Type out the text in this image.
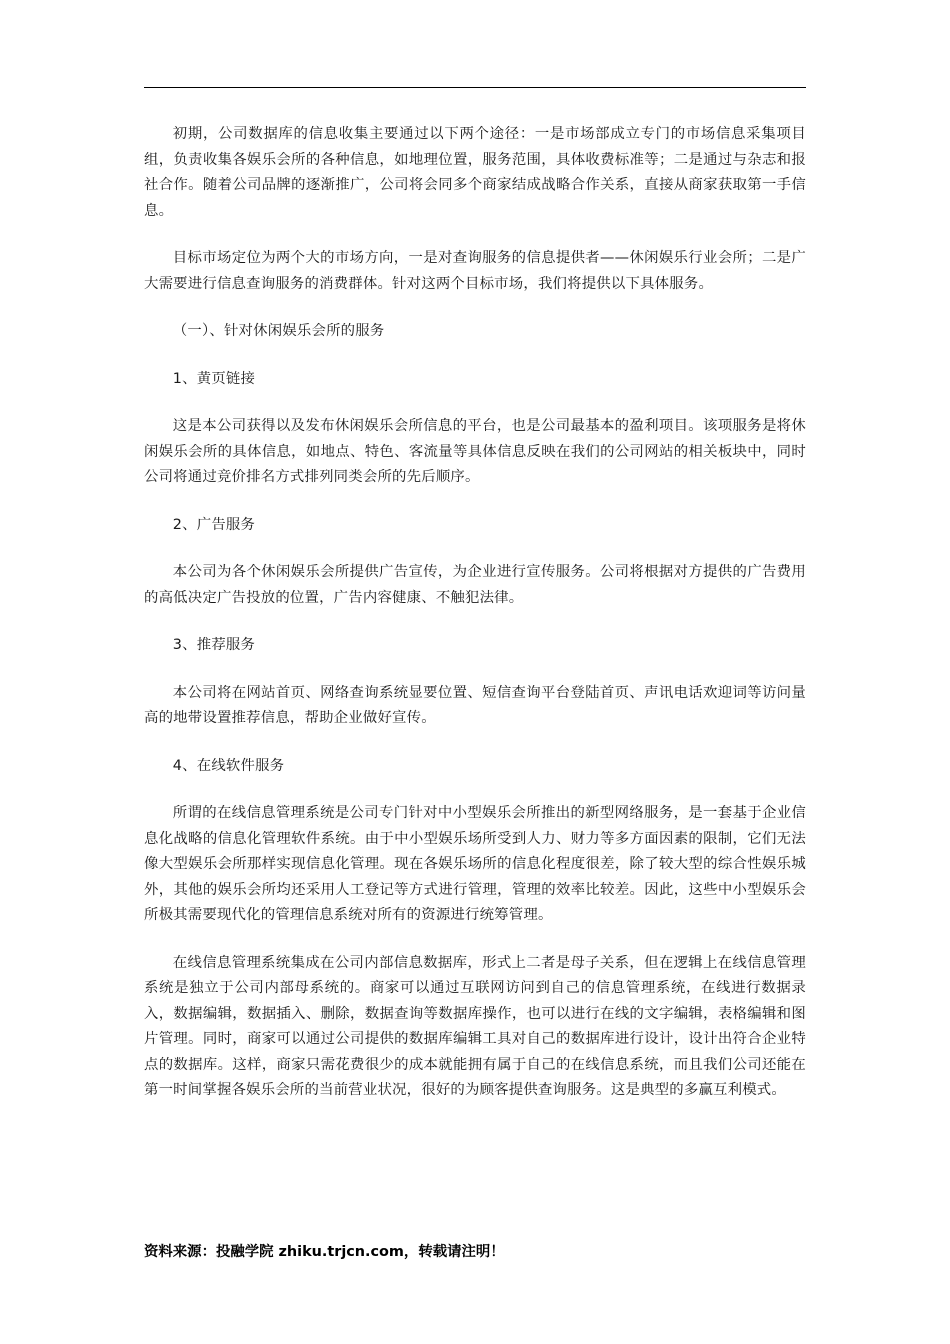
初期，公司数据库的信息收集主要通过以下两个途径：一是市场部成立专门的市场信息采集项目组，负责收集各娱乐会所的各种信息，如地理位置，服务范围，具体收费标准等；二是通过与杂志和报社合作。随着公司品牌的逐渐推广，公司将会同多个商家结成战略合作关系，直接从商家获取第一手信息。

目标市场定位为两个大的市场方向，一是对查询服务的信息提供者——休闲娱乐行业会所；二是广大需要进行信息查询服务的消费群体。针对这两个目标市场，我们将提供以下具体服务。

（一）、针对休闲娱乐会所的服务

1、黄页链接

这是本公司获得以及发布休闲娱乐会所信息的平台，也是公司最基本的盈利项目。该项服务是将休闲娱乐会所的具体信息，如地点、特色、客流量等具体信息反映在我们的公司网站的相关板块中，同时公司将通过竞价排名方式排列同类会所的先后顺序。

2、广告服务

本公司为各个休闲娱乐会所提供广告宣传，为企业进行宣传服务。公司将根据对方提供的广告费用的高低决定广告投放的位置，广告内容健康、不触犯法律。

3、推荐服务

本公司将在网站首页、网络查询系统显要位置、短信查询平台登陆首页、声讯电话欢迎词等访问量高的地带设置推荐信息，帮助企业做好宣传。

4、在线软件服务

所谓的在线信息管理系统是公司专门针对中小型娱乐会所推出的新型网络服务，是一套基于企业信息化战略的信息化管理软件系统。由于中小型娱乐场所受到人力、财力等多方面因素的限制，它们无法像大型娱乐会所那样实现信息化管理。现在各娱乐场所的信息化程度很差，除了较大型的综合性娱乐城外，其他的娱乐会所均还采用人工登记等方式进行管理，管理的效率比较差。因此，这些中小型娱乐会所极其需要现代化的管理信息系统对所有的资源进行统筹管理。

在线信息管理系统集成在公司内部信息数据库，形式上二者是母子关系，但在逻辑上在线信息管理系统是独立于公司内部母系统的。商家可以通过互联网访问到自己的信息管理系统，在线进行数据录入，数据编辑，数据插入、删除，数据查询等数据库操作，也可以进行在线的文字编辑，表格编辑和图片管理。同时，商家可以通过公司提供的数据库编辑工具对自己的数据库进行设计，设计出符合企业特点的数据库。这样，商家只需花费很少的成本就能拥有属于自己的在线信息系统，而且我们公司还能在第一时间掌握各娱乐会所的当前营业状况，很好的为顾客提供查询服务。这是典型的多赢互利模式。

资料来源：投融学院 zhiku.trjcn.com，转载请注明！
